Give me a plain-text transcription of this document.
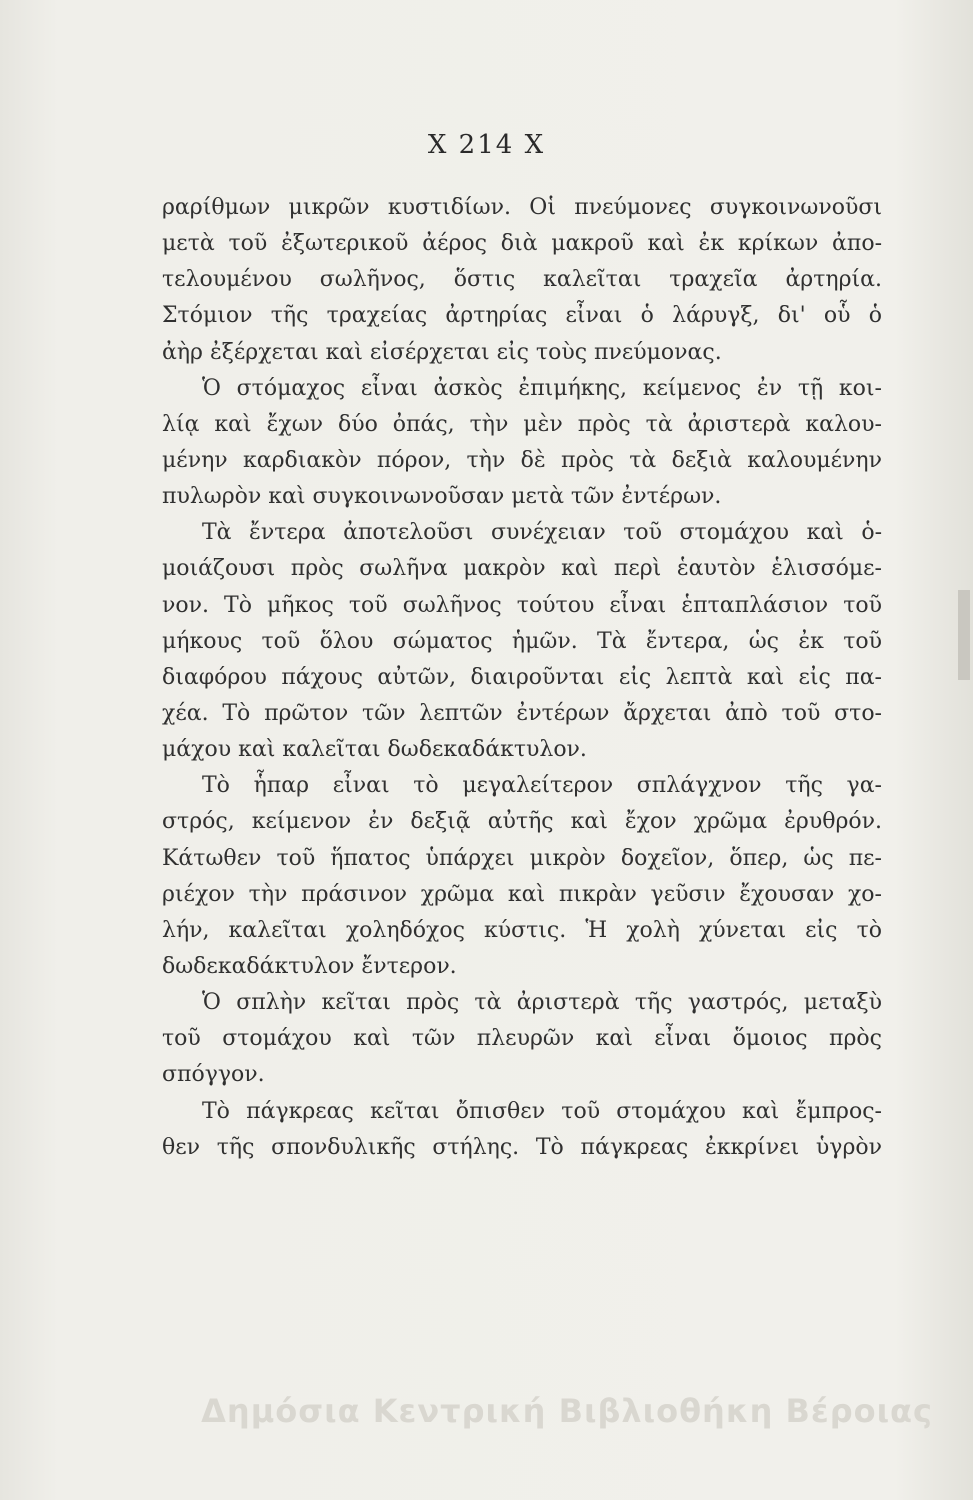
Χ 214 Χ
ραρίθμων μικρῶν κυστιδίων. Οἱ πνεύμονες συγκοινωνοῦσι
μετὰ τοῦ ἐξωτερικοῦ ἀέρος διὰ μακροῦ καὶ ἐκ κρίκων ἀπο-
τελουμένου σωλῆνος, ὅστις καλεῖται τραχεῖα ἀρτηρία.
Στόμιον τῆς τραχείας ἀρτηρίας εἶναι ὁ λάρυγξ, δι' οὗ ὁ
ἀὴρ ἐξέρχεται καὶ εἰσέρχεται εἰς τοὺς πνεύμονας.
Ὁ στόμαχος εἶναι ἀσκὸς ἐπιμήκης, κείμενος ἐν τῇ κοι-
λίᾳ καὶ ἔχων δύο ὀπάς, τὴν μὲν πρὸς τὰ ἀριστερὰ καλου-
μένην καρδιακὸν πόρον, τὴν δὲ πρὸς τὰ δεξιὰ καλουμένην
πυλωρὸν καὶ συγκοινωνοῦσαν μετὰ τῶν ἐντέρων.
Τὰ ἔντερα ἀποτελοῦσι συνέχειαν τοῦ στομάχου καὶ ὁ-
μοιάζουσι πρὸς σωλῆνα μακρὸν καὶ περὶ ἑαυτὸν ἑλισσόμε-
νον. Τὸ μῆκος τοῦ σωλῆνος τούτου εἶναι ἑπταπλάσιον τοῦ
μήκους τοῦ ὅλου σώματος ἡμῶν. Τὰ ἔντερα, ὡς ἐκ τοῦ
διαφόρου πάχους αὐτῶν, διαιροῦνται εἰς λεπτὰ καὶ εἰς πα-
χέα. Τὸ πρῶτον τῶν λεπτῶν ἐντέρων ἄρχεται ἀπὸ τοῦ στο-
μάχου καὶ καλεῖται δωδεκαδάκτυλον.
Τὸ ἧπαρ εἶναι τὸ μεγαλείτερον σπλάγχνον τῆς γα-
στρός, κείμενον ἐν δεξιᾷ αὐτῆς καὶ ἔχον χρῶμα ἐρυθρόν.
Κάτωθεν τοῦ ἥπατος ὑπάρχει μικρὸν δοχεῖον, ὅπερ, ὡς πε-
ριέχον τὴν πράσινον χρῶμα καὶ πικρὰν γεῦσιν ἔχουσαν χο-
λήν, καλεῖται χοληδόχος κύστις. Ἡ χολὴ χύνεται εἰς τὸ
δωδεκαδάκτυλον ἔντερον.
Ὁ σπλὴν κεῖται πρὸς τὰ ἀριστερὰ τῆς γαστρός, μεταξὺ
τοῦ στομάχου καὶ τῶν πλευρῶν καὶ εἶναι ὅμοιος πρὸς
σπόγγον.
Τὸ πάγκρεας κεῖται ὄπισθεν τοῦ στομάχου καὶ ἔμπρος-
θεν τῆς σπονδυλικῆς στήλης. Τὸ πάγκρεας ἐκκρίνει ὑγρὸν
Δημόσια Κεντρική Βιβλιοθήκη Βέροιας
